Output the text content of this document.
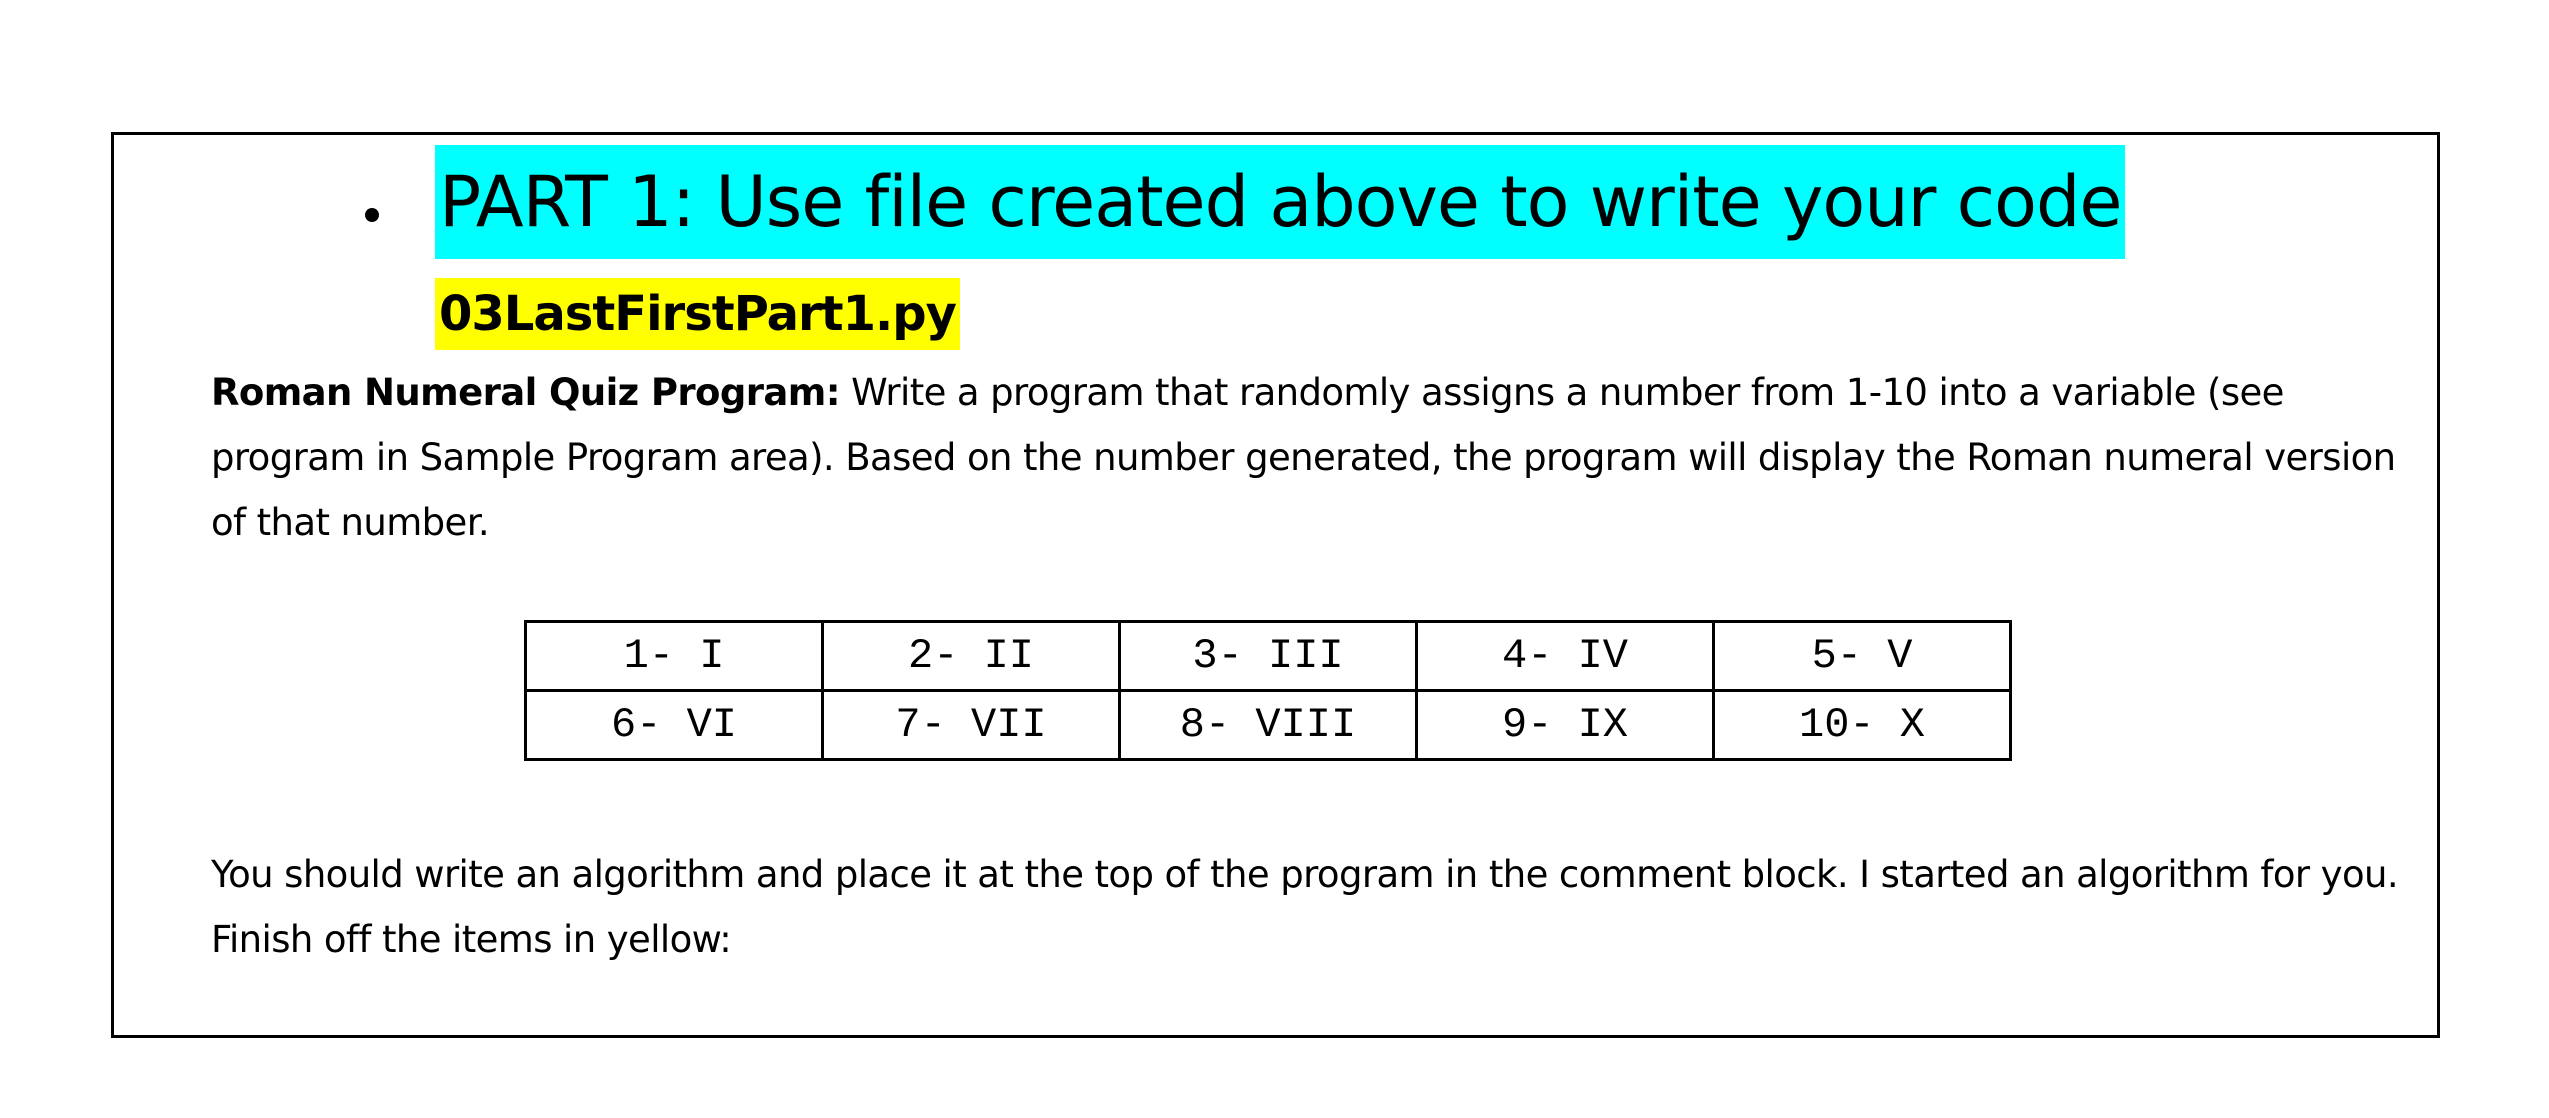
PART 1: Use file created above to write your code
03LastFirstPart1.py
Roman Numeral Quiz Program: Write a program that randomly assigns a number from 1-10 into a variable (see program in Sample Program area). Based on the number generated, the program will display the Roman numeral version of that number.
1- I	2- II	3- III	4- IV	5- V
6- VI	7- VII	8- VIII	9- IX	10- X
You should write an algorithm and place it at the top of the program in the comment block. I started an algorithm for you. Finish off the items in yellow:
